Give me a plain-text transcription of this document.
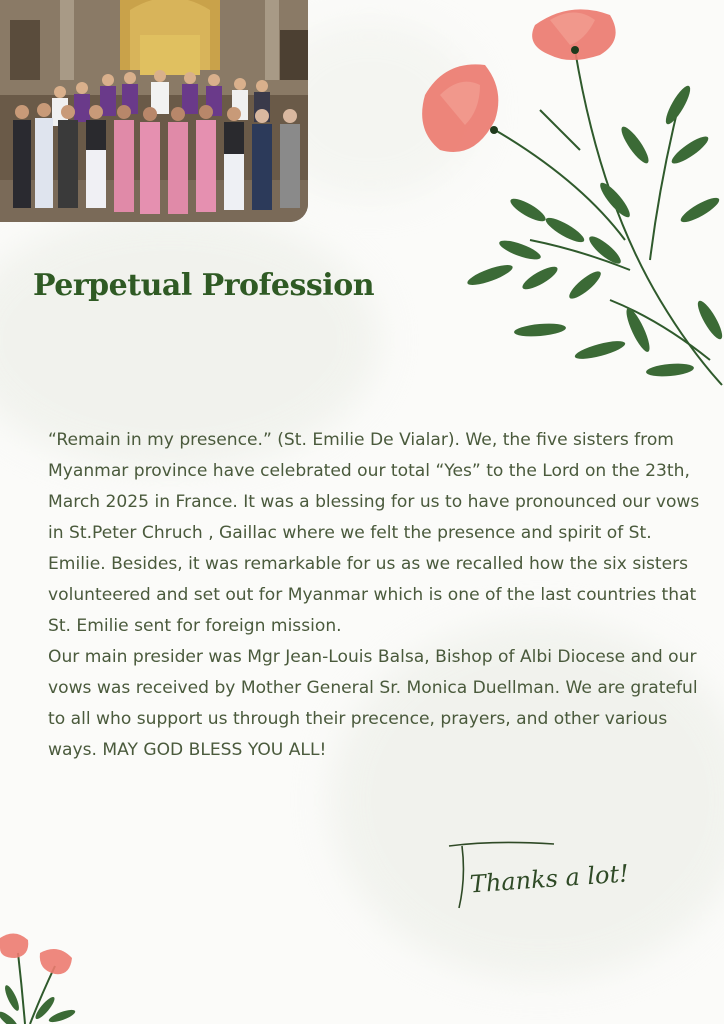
Perpetual Profession

“Remain in my presence.” (St. Emilie De Vialar). We, the five sisters from Myanmar province have celebrated our total “Yes” to the Lord on the 23th, March 2025 in France. It was a blessing for us to have pronounced our vows in St.Peter Chruch , Gaillac where we felt the presence and spirit of St. Emilie. Besides, it was remarkable for us as we recalled how the six sisters volunteered and set out for Myanmar which is one of the last countries that St. Emilie sent for foreign mission.

Our main presider was Mgr Jean-Louis Balsa, Bishop of Albi Diocese and our vows was received by Mother General Sr. Monica Duellman. We are grateful to all who support us through their precence, prayers, and other various ways. MAY GOD BLESS YOU ALL!

Thanks a lot!
